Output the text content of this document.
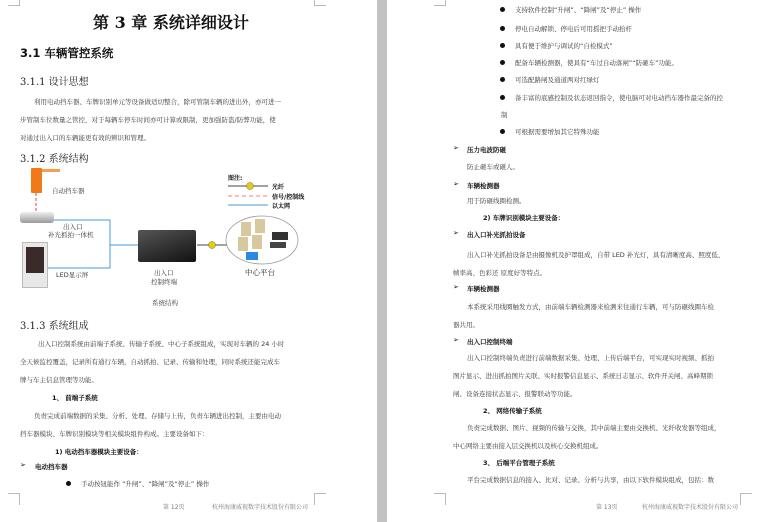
第 3 章 系统详细设计
3.1 车辆管控系统
3.1.1 设计思想
利用电动挡车器、车牌识别单元等设备做适切整合，除可管制车辆的进出外，亦可进一
步管制车位数量之管控，对于每辆车停车时间亦可计算或限制，更加强防盗/防弊功能，使
对通过出入口的车辆能更有效的辨识和管理。
3.1.2 系统结构
自动挡车器
出入口
补光抓拍一体机
LED显示屏	出入口
控制终端
中心平台
图注:
光纤
信号/控制线
以太网
系统结构
3.1.3 系统组成
出入口控制系统由前端子系统、传输子系统、中心子系统组成，实现对车辆的 24 小时
全天候监控覆盖，记录所有通行车辆，自动抓拍、记录、传输和处理，同时系统还能完成车
牌与车主信息管理等功能。
1、 前端子系统
负责完成前端数据的采集、分析、处理、存储与上传，负责车辆进出控制，主要由电动
挡车器模块、车牌识别模块等相关模块组件构成。主要设备如下：
1) 电动挡车器模块主要设备：
➢ 电动挡车器
手动按钮能作 “升闸”、“降闸”及“停止” 操作
第 12页	杭州海康威视数字技术股份有限公司
支持软件控制“升闸”、“降闸”及“停止” 操作
停电自动解锁、停电后可用摇把手动抬杆
具有便于维护与调试的“自检模式”
配备车辆检测器，使具有“车过自动落闸”“防砸车”功能。
可选配路闸及通道两对红绿灯
备丰富的底感控制及状态返回指令，使电脑可对电动挡车器作最完备的控
制
可根据需要增加其它特殊功能
➢ 压力电波防砸
防止砸车或砸人。
➢ 车辆检测器
用于防砸线圈检测。
2) 车牌识别模块主要设备：
➢ 出入口补光抓拍设备
出入口补光抓拍设备是由摄像机及护罩组成，自带 LED 补光灯，具有清晰度高、照度低、
帧率高、色彩还 原度好等特点。
➢ 车辆检测器
本系统采用线圈触发方式，由前端车辆检测器来检测来往通行车辆，可与防砸线圈车检
器共用。
➢ 出入口控制终端
出入口控制终端负责进行前端数据采集、处理、上传后端平台，可实现实时视频、抓拍
图片显示、进出抓拍图片关联、实时报警信息显示、系统日志显示、软件开关闸、高峰期锁
闸、设备连接状态显示、报警联动等功能。
2、 网络传输子系统
负责完成数据、图片、视频的传输与交换，其中前端主要由交换机、光纤收发器等组成，
中心网络主要由接入层交换机以及核心交换机组成。
3、 后端平台管理子系统
平台完成数据信息的接入、比对、记录、分析与共享，由以下软件模块组成，包括：数
第 13页	杭州海康威视数字技术股份有限公司
